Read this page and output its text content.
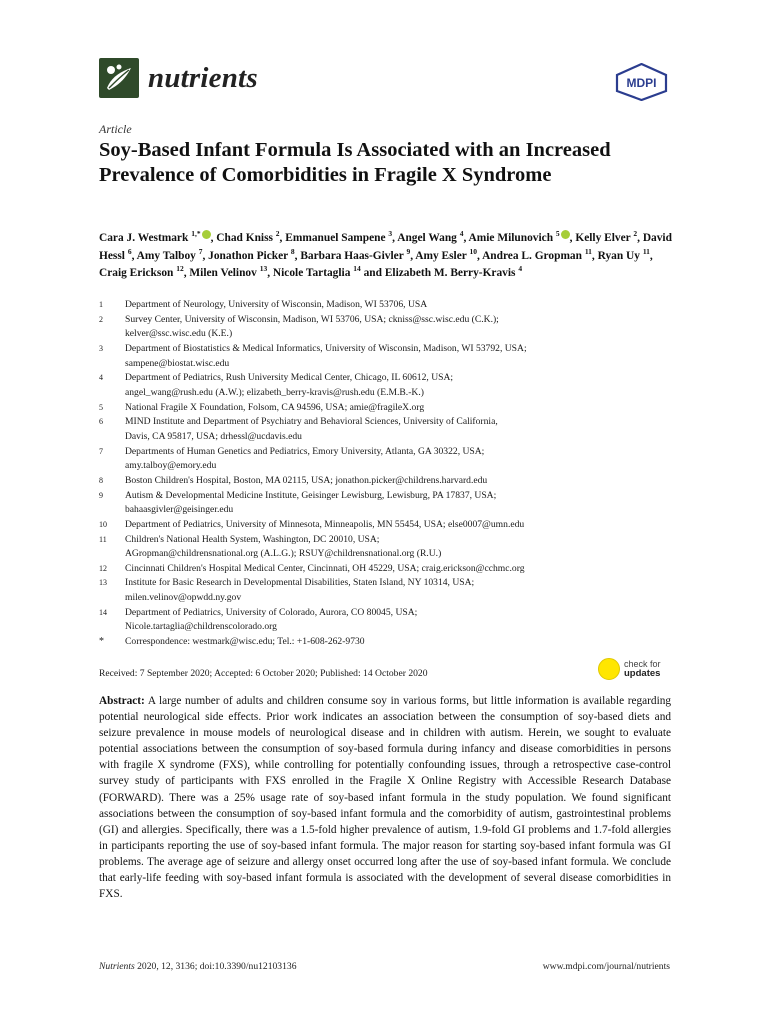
nutrients	MDPI
Article
Soy-Based Infant Formula Is Associated with an Increased Prevalence of Comorbidities in Fragile X Syndrome
Cara J. Westmark $^{1,*}$ , Chad Kniss $^2$, Emmanuel Sampene $^3$, Angel Wang $^4$, Amie Milunovich $^5$ , Kelly Elver $^2$, David Hessl $^6$, Amy Talboy $^7$, Jonathon Picker $^8$, Barbara Haas-Givler $^9$, Amy Esler $^{10}$, Andrea L. Gropman $^{11}$, Ryan Uy $^{11}$, Craig Erickson $^{12}$, Milen Velinov $^{13}$, Nicole Tartaglia $^{14}$ and Elizabeth M. Berry-Kravis $^4$
1	Department of Neurology, University of Wisconsin, Madison, WI 53706, USA
2	Survey Center, University of Wisconsin, Madison, WI 53706, USA; ckniss@ssc.wisc.edu (C.K.);
kelver@ssc.wisc.edu (K.E.)
3	Department of Biostatistics & Medical Informatics, University of Wisconsin, Madison, WI 53792, USA;
sampene@biostat.wisc.edu
4	Department of Pediatrics, Rush University Medical Center, Chicago, IL 60612, USA;
angel_wang@rush.edu (A.W.); elizabeth_berry-kravis@rush.edu (E.M.B.-K.)
5	National Fragile X Foundation, Folsom, CA 94596, USA; amie@fragileX.org
6	MIND Institute and Department of Psychiatry and Behavioral Sciences, University of California,
Davis, CA 95817, USA; drhessl@ucdavis.edu
7	Departments of Human Genetics and Pediatrics, Emory University, Atlanta, GA 30322, USA;
amy.talboy@emory.edu
8	Boston Children's Hospital, Boston, MA 02115, USA; jonathon.picker@childrens.harvard.edu
9	Autism & Developmental Medicine Institute, Geisinger Lewisburg, Lewisburg, PA 17837, USA;
bahaasgivler@geisinger.edu
10	Department of Pediatrics, University of Minnesota, Minneapolis, MN 55454, USA; else0007@umn.edu
11	Children's National Health System, Washington, DC 20010, USA;
AGropman@childrensnational.org (A.L.G.); RSUY@childrensnational.org (R.U.)
12	Cincinnati Children's Hospital Medical Center, Cincinnati, OH 45229, USA; craig.erickson@cchmc.org
13	Institute for Basic Research in Developmental Disabilities, Staten Island, NY 10314, USA;
milen.velinov@opwdd.ny.gov
14	Department of Pediatrics, University of Colorado, Aurora, CO 80045, USA;
Nicole.tartaglia@childrenscolorado.org
*	Correspondence: westmark@wisc.edu; Tel.: +1-608-262-9730
Received: 7 September 2020; Accepted: 6 October 2020; Published: 14 October 2020
check for
updates
Abstract: A large number of adults and children consume soy in various forms, but little information is available regarding potential neurological side effects. Prior work indicates an association between the consumption of soy-based diets and seizure prevalence in mouse models of neurological disease and in children with autism. Herein, we sought to evaluate potential associations between the consumption of soy-based formula during infancy and disease comorbidities in persons with fragile X syndrome (FXS), while controlling for potentially confounding issues, through a retrospective case-control survey study of participants with FXS enrolled in the Fragile X Online Registry with Accessible Research Database (FORWARD). There was a 25% usage rate of soy-based infant formula in the study population. We found significant associations between the consumption of soy-based infant formula and the comorbidity of autism, gastrointestinal problems (GI) and allergies. Specifically, there was a 1.5-fold higher prevalence of autism, 1.9-fold GI problems and 1.7-fold allergies in participants reporting the use of soy-based infant formula. The major reason for starting soy-based infant formula was GI problems. The average age of seizure and allergy onset occurred long after the use of soy-based infant formula. We conclude that early-life feeding with soy-based infant formula is associated with the development of several disease comorbidities in FXS.
Nutrients 2020, 12, 3136; doi:10.3390/nu12103136	www.mdpi.com/journal/nutrients
